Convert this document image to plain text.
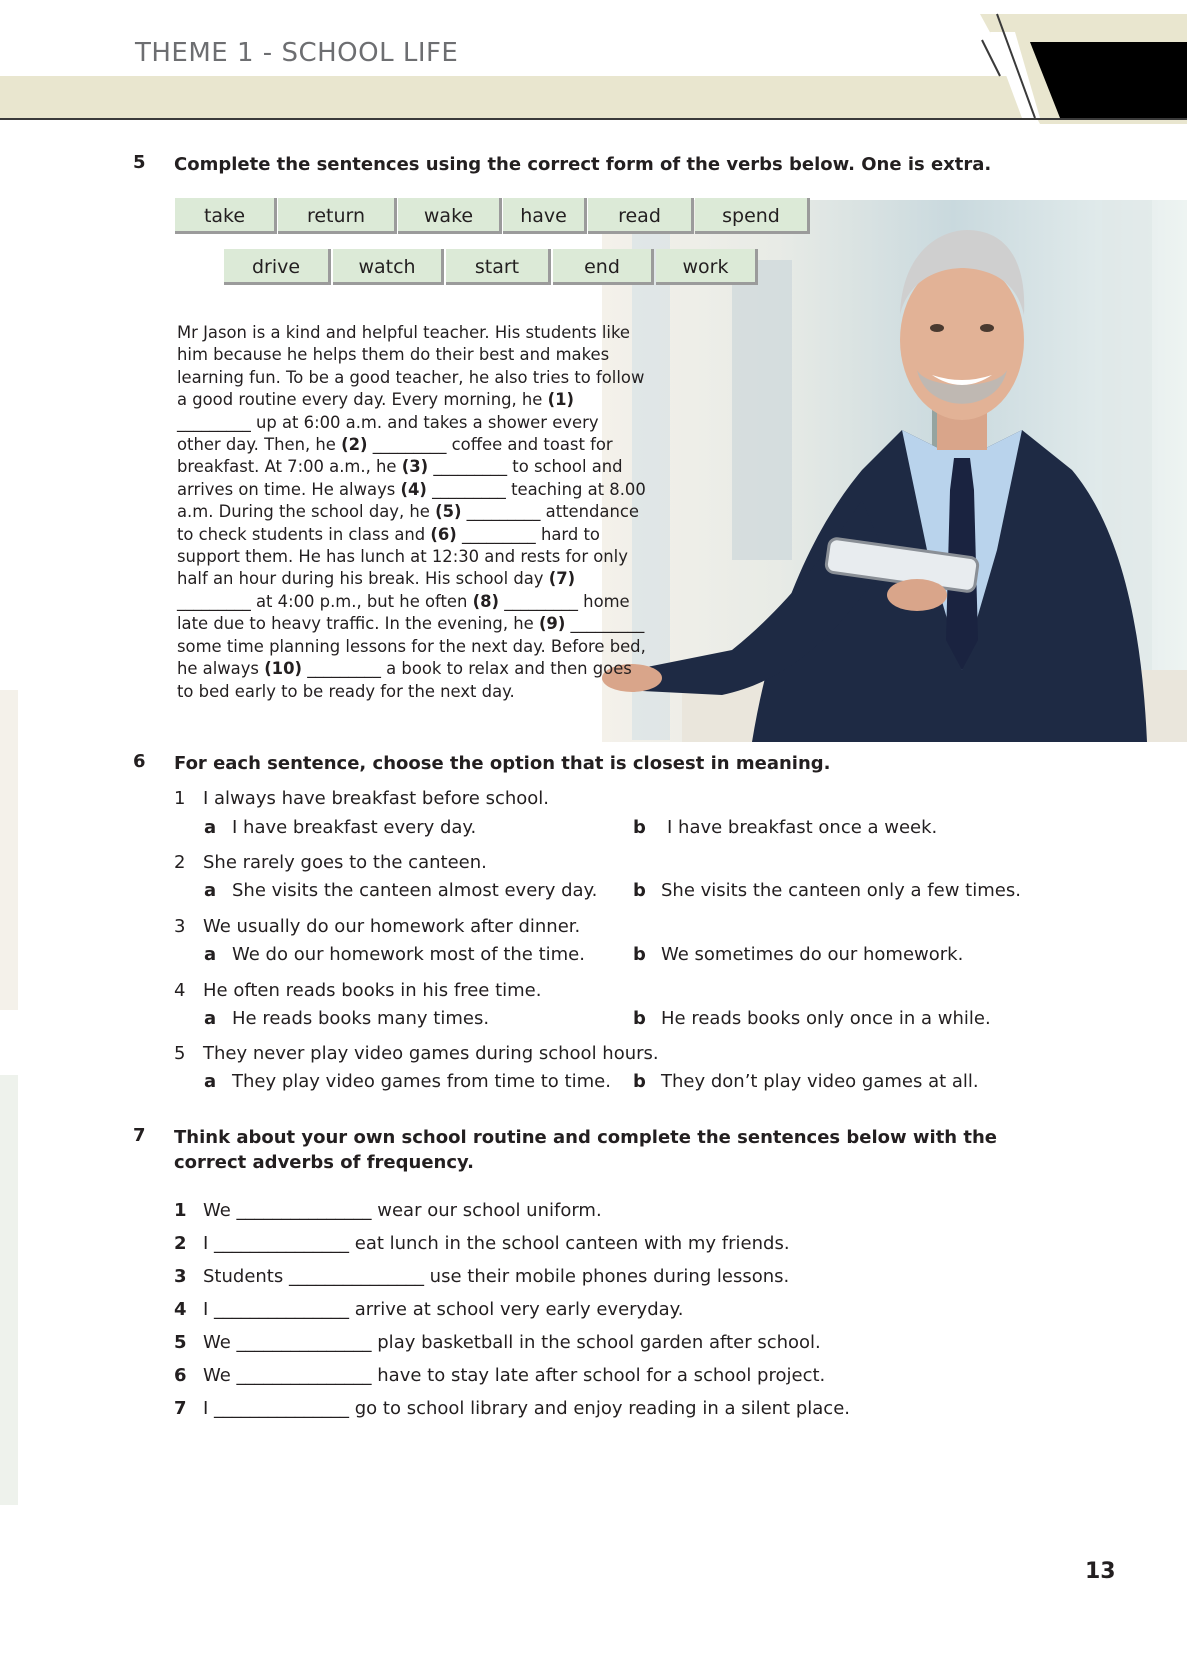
THEME 1 - SCHOOL LIFE
5 Complete the sentences using the correct form of the verbs below. One is extra.
take	return	wake	have	read	spend
drive	watch	start	end	work
Mr Jason is a kind and helpful teacher. His students like him because he helps them do their best and makes learning fun. To be a good teacher, he also tries to follow a good routine every day. Every morning, he (1) _________ up at 6:00 a.m. and takes a shower every other day. Then, he (2) _________ coffee and toast for breakfast. At 7:00 a.m., he (3) _________ to school and arrives on time. He always (4) _________ teaching at 8.00 a.m. During the school day, he (5) _________ attendance to check students in class and (6) _________ hard to support them. He has lunch at 12:30 and rests for only half an hour during his break. His school day (7) _________ at 4:00 p.m., but he often (8) _________ home late due to heavy traffic. In the evening, he (9) _________ some time planning lessons for the next day. Before bed, he always (10) _________ a book to relax and then goes to bed early to be ready for the next day.
6 For each sentence, choose the option that is closest in meaning.
1 I always have breakfast before school.
a I have breakfast every day.	b I have breakfast once a week.
2 She rarely goes to the canteen.
a She visits the canteen almost every day. b She visits the canteen only a few times.
3 We usually do our homework after dinner.
a We do our homework most of the time.	b We sometimes do our homework.
4 He often reads books in his free time.
a He reads books many times.	b He reads books only once in a while.
5 They never play video games during school hours.
a They play video games from time to time. b They don’t play video games at all.
7 Think about your own school routine and complete the sentences below with the correct adverbs of frequency.
1 We _______________ wear our school uniform.
2 I _______________ eat lunch in the school canteen with my friends.
3 Students _______________ use their mobile phones during lessons.
4 I _______________ arrive at school very early everyday.
5 We _______________ play basketball in the school garden after school.
6 We _______________ have to stay late after school for a school project.
7 I _______________ go to school library and enjoy reading in a silent place.
13
